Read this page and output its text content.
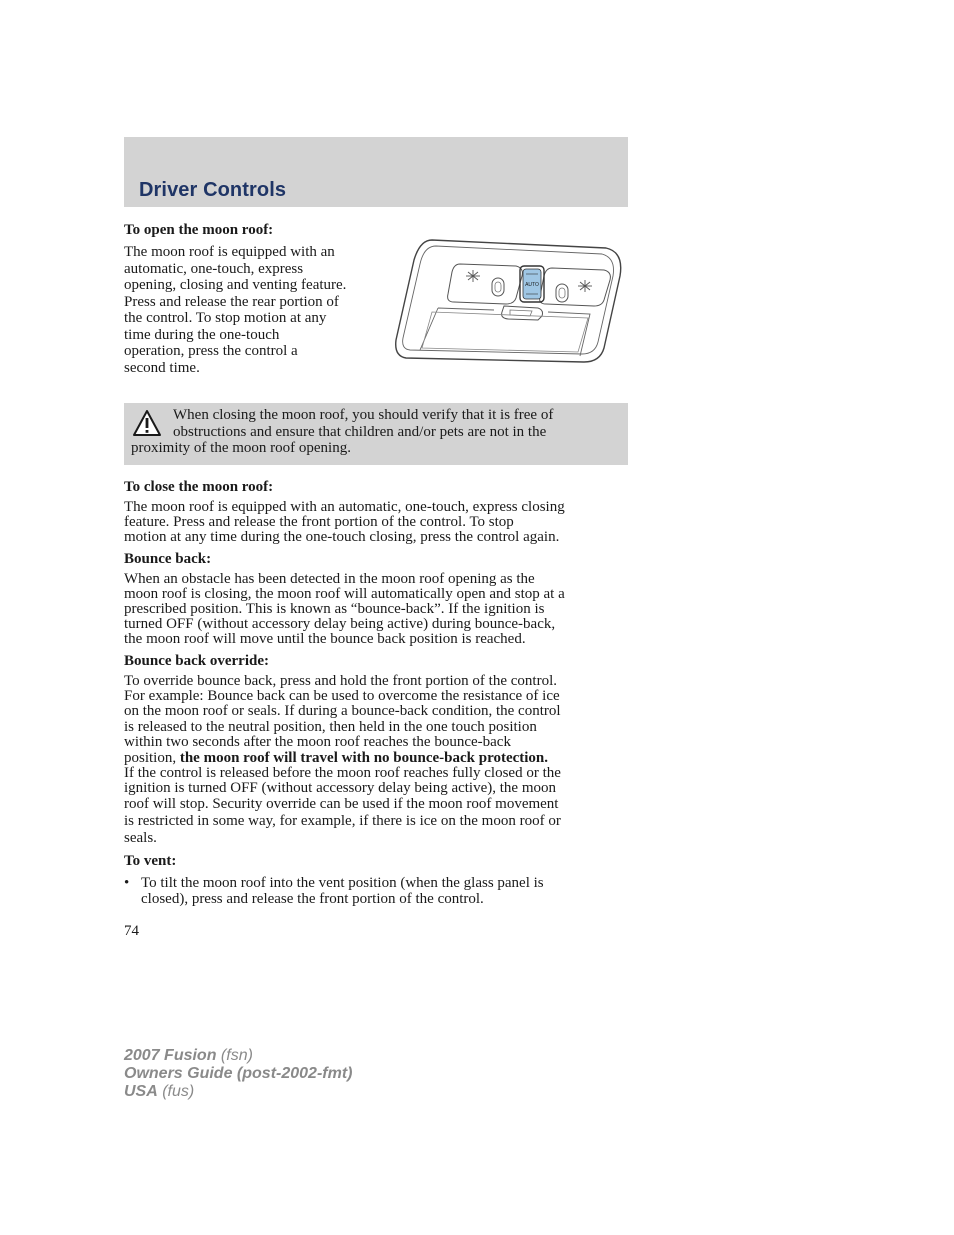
Driver Controls

To open the moon roof:

The moon roof is equipped with an
automatic, one-touch, express
opening, closing and venting feature.
Press and release the rear portion of
the control. To stop motion at any
time during the one-touch
operation, press the control a
second time.
AUTO
When closing the moon roof, you should verify that it is free of
obstructions and ensure that children and/or pets are not in the
proximity of the moon roof opening.

To close the moon roof:

The moon roof is equipped with an automatic, one-touch, express closing
feature. Press and release the front portion of the control. To stop
motion at any time during the one-touch closing, press the control again.

Bounce back:

When an obstacle has been detected in the moon roof opening as the
moon roof is closing, the moon roof will automatically open and stop at a
prescribed position. This is known as “bounce-back”. If the ignition is
turned OFF (without accessory delay being active) during bounce-back,
the moon roof will move until the bounce back position is reached.

Bounce back override:

To override bounce back, press and hold the front portion of the control.
For example: Bounce back can be used to overcome the resistance of ice
on the moon roof or seals. If during a bounce-back condition, the control
is released to the neutral position, then held in the one touch position
within two seconds after the moon roof reaches the bounce-back
position, the moon roof will travel with no bounce-back protection.
If the control is released before the moon roof reaches fully closed or the
ignition is turned OFF (without accessory delay being active), the moon
roof will stop. Security override can be used if the moon roof movement
is restricted in some way, for example, if there is ice on the moon roof or
seals.

To vent:

• To tilt the moon roof into the vent position (when the glass panel is
closed), press and release the front portion of the control.

74

2007 Fusion (fsn)
Owners Guide (post-2002-fmt)
USA (fus)
